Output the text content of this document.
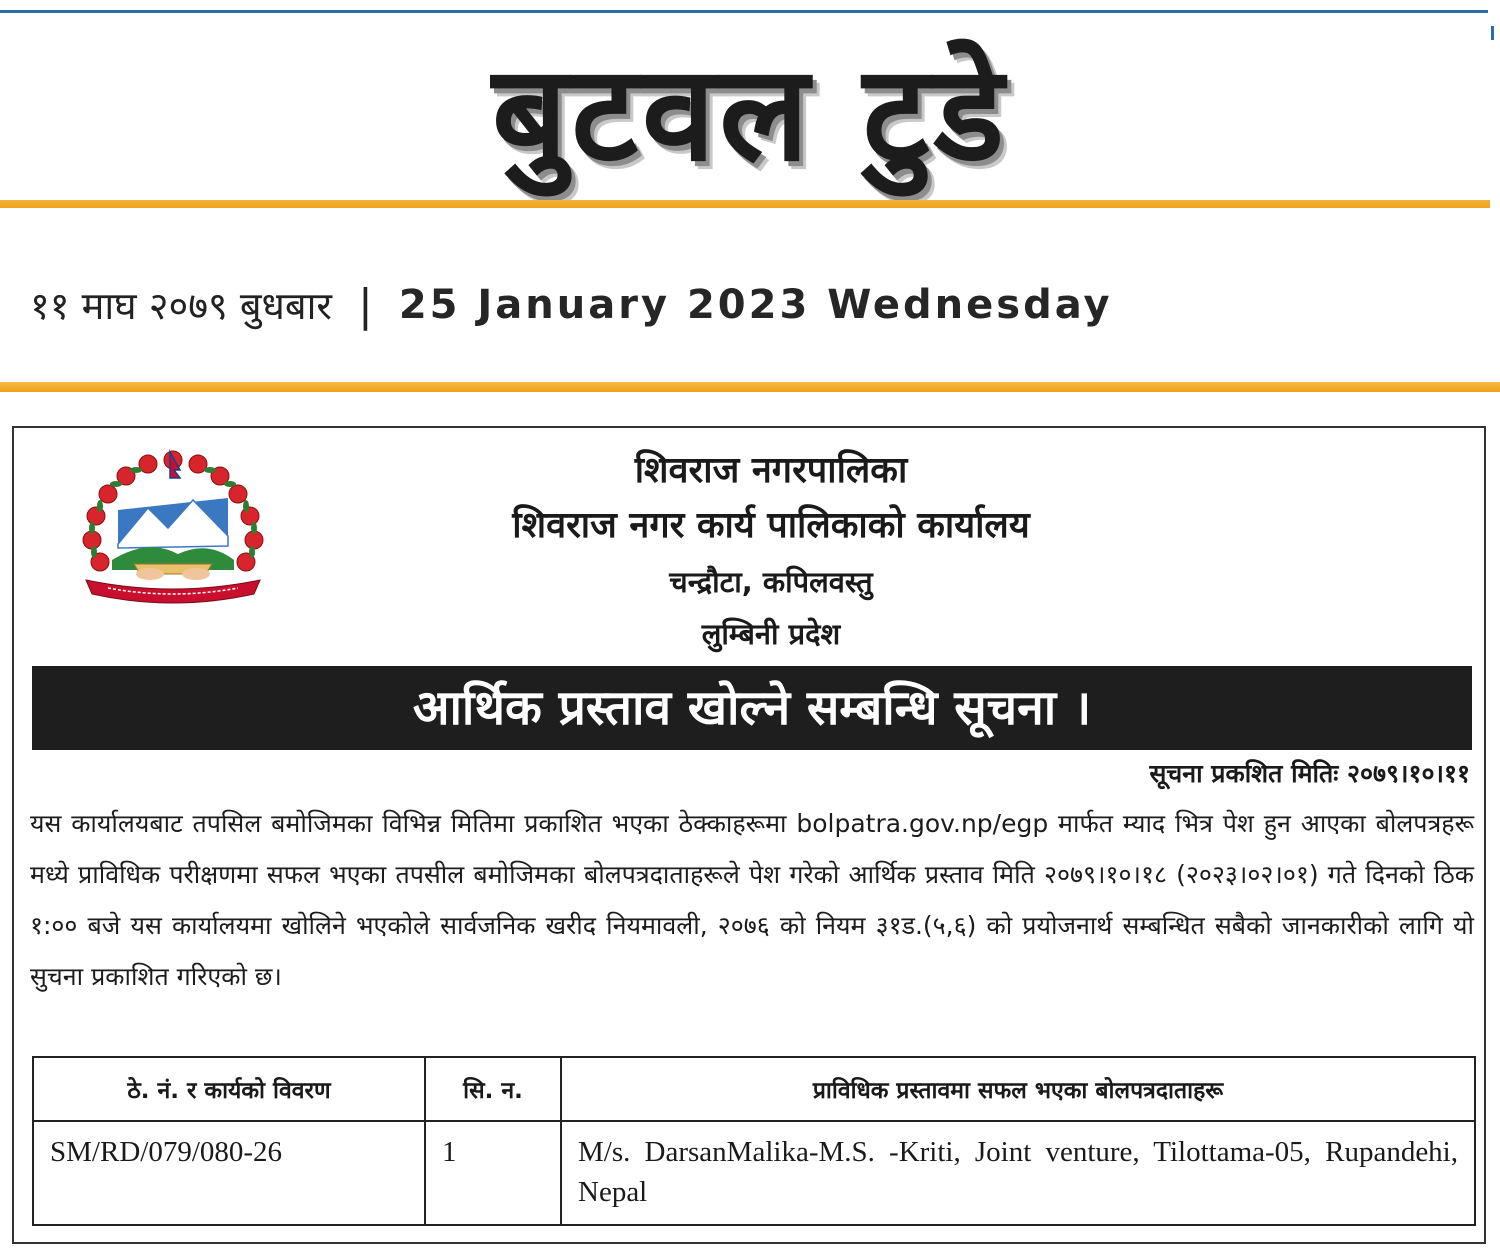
बुटवल टुडे
११ माघ २०७९ बुधबार | 25 January 2023 Wednesday
शिवराज नगरपालिका
शिवराज नगर कार्य पालिकाको कार्यालय
चन्द्रौटा, कपिलवस्तु
लुम्बिनी प्रदेश
आर्थिक प्रस्ताव खोल्ने सम्बन्धि सूचना ।
सूचना प्रकशित मितिः २०७९।१०।११
यस कार्यालयबाट तपसिल बमोजिमका विभिन्न मितिमा प्रकाशित भएका ठेक्काहरूमा bolpatra.gov.np/egp मार्फत म्याद भित्र पेश हुन आएका बोलपत्रहरू मध्ये प्राविधिक परीक्षणमा सफल भएका तपसील बमोजिमका बोलपत्रदाताहरूले पेश गरेको आर्थिक प्रस्ताव मिति २०७९।१०।१८ (२०२३।०२।०१) गते दिनको ठिक १:०० बजे यस कार्यालयमा खोलिने भएकोले सार्वजनिक खरीद नियमावली, २०७६ को नियम ३१ड.(५,६) को प्रयोजनार्थ सम्बन्धित सबैको जानकारीको लागि यो सुचना प्रकाशित गरिएको छ।
ठे. नं. र कार्यको विवरण	सि. न.	प्राविधिक प्रस्तावमा सफल भएका बोलपत्रदाताहरू
SM/RD/079/080-26	1	M/s. DarsanMalika-M.S. -Kriti, Joint venture, Tilottama-05, Rupandehi, Nepal
